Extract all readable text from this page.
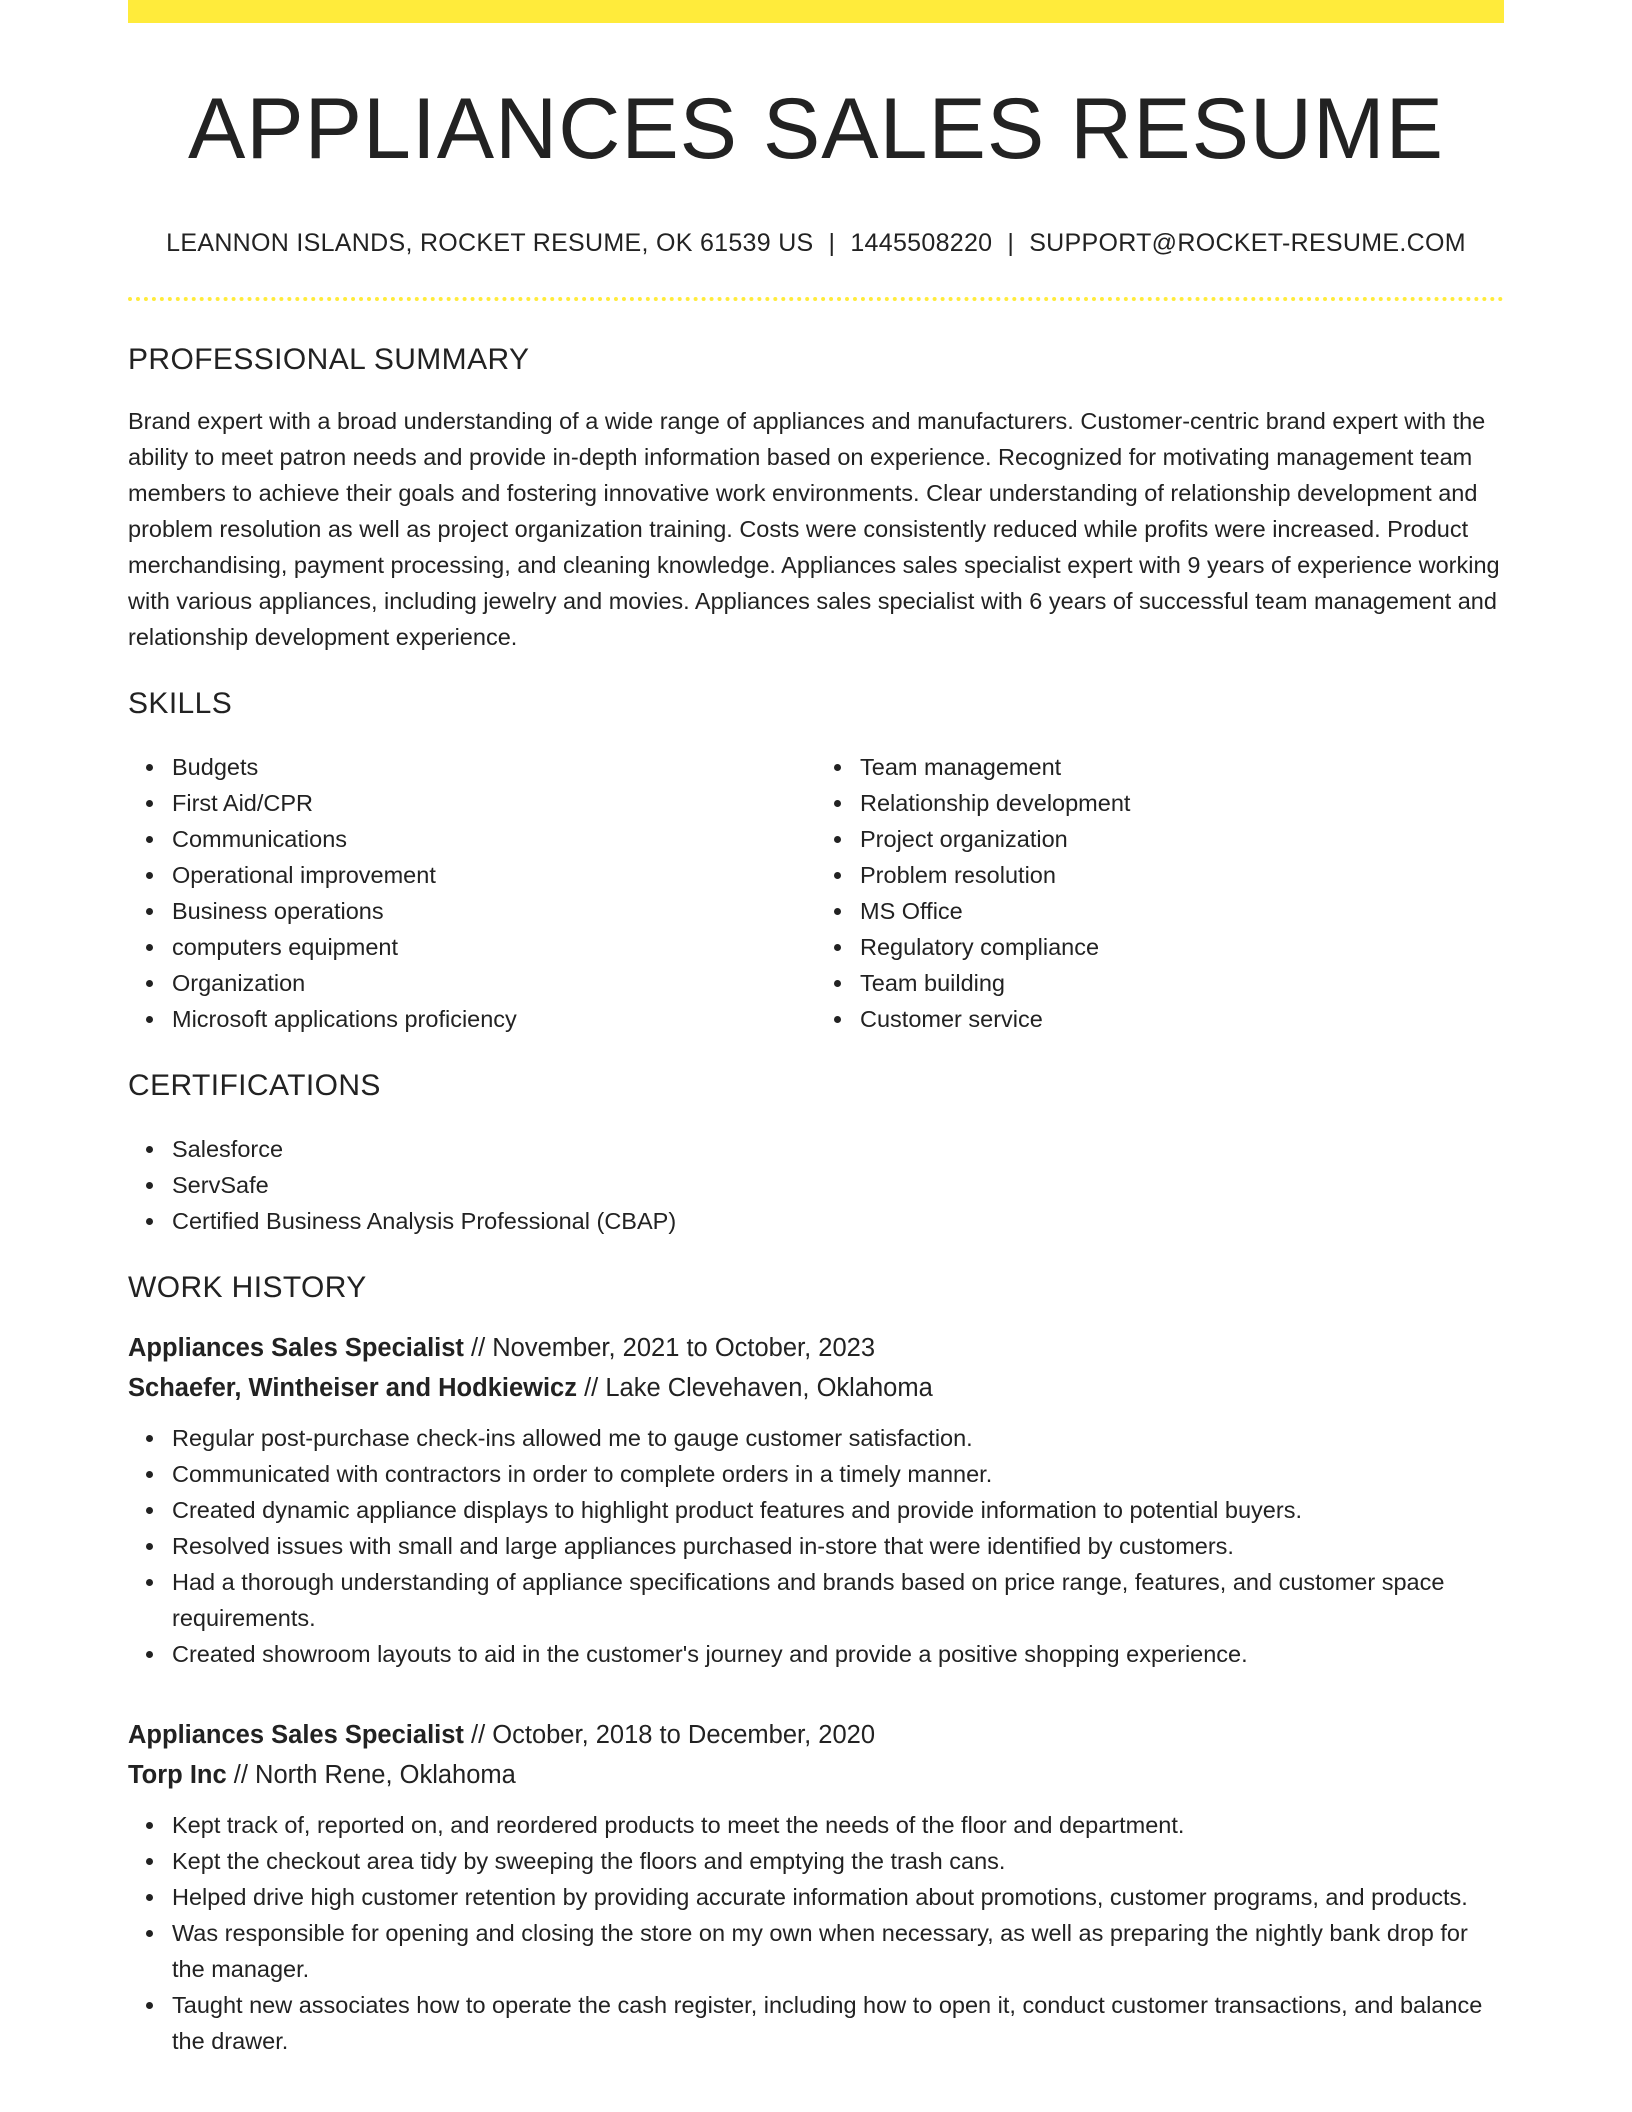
APPLIANCES SALES RESUME
LEANNON ISLANDS, ROCKET RESUME, OK 61539 US | 1445508220 | SUPPORT@ROCKET-RESUME.COM
PROFESSIONAL SUMMARY

Brand expert with a broad understanding of a wide range of appliances and manufacturers. Customer-centric brand expert with the ability to meet patron needs and provide in-depth information based on experience. Recognized for motivating management team members to achieve their goals and fostering innovative work environments. Clear understanding of relationship development and problem resolution as well as project organization training. Costs were consistently reduced while profits were increased. Product merchandising, payment processing, and cleaning knowledge. Appliances sales specialist expert with 9 years of experience working with various appliances, including jewelry and movies. Appliances sales specialist with 6 years of successful team management and relationship development experience.

SKILLS
Budgets
First Aid/CPR
Communications
Operational improvement
Business operations
computers equipment
Organization
Microsoft applications proficiency
Team management
Relationship development
Project organization
Problem resolution
MS Office
Regulatory compliance
Team building
Customer service
CERTIFICATIONS
Salesforce
ServSafe
Certified Business Analysis Professional (CBAP)
WORK HISTORY
Appliances Sales Specialist // November, 2021 to October, 2023
Schaefer, Wintheiser and Hodkiewicz // Lake Clevehaven, Oklahoma
Regular post-purchase check-ins allowed me to gauge customer satisfaction.
Communicated with contractors in order to complete orders in a timely manner.
Created dynamic appliance displays to highlight product features and provide information to potential buyers.
Resolved issues with small and large appliances purchased in-store that were identified by customers.
Had a thorough understanding of appliance specifications and brands based on price range, features, and customer space requirements.
Created showroom layouts to aid in the customer's journey and provide a positive shopping experience.
Appliances Sales Specialist // October, 2018 to December, 2020
Torp Inc // North Rene, Oklahoma
Kept track of, reported on, and reordered products to meet the needs of the floor and department.
Kept the checkout area tidy by sweeping the floors and emptying the trash cans.
Helped drive high customer retention by providing accurate information about promotions, customer programs, and products.
Was responsible for opening and closing the store on my own when necessary, as well as preparing the nightly bank drop for the manager.
Taught new associates how to operate the cash register, including how to open it, conduct customer transactions, and balance the drawer.
